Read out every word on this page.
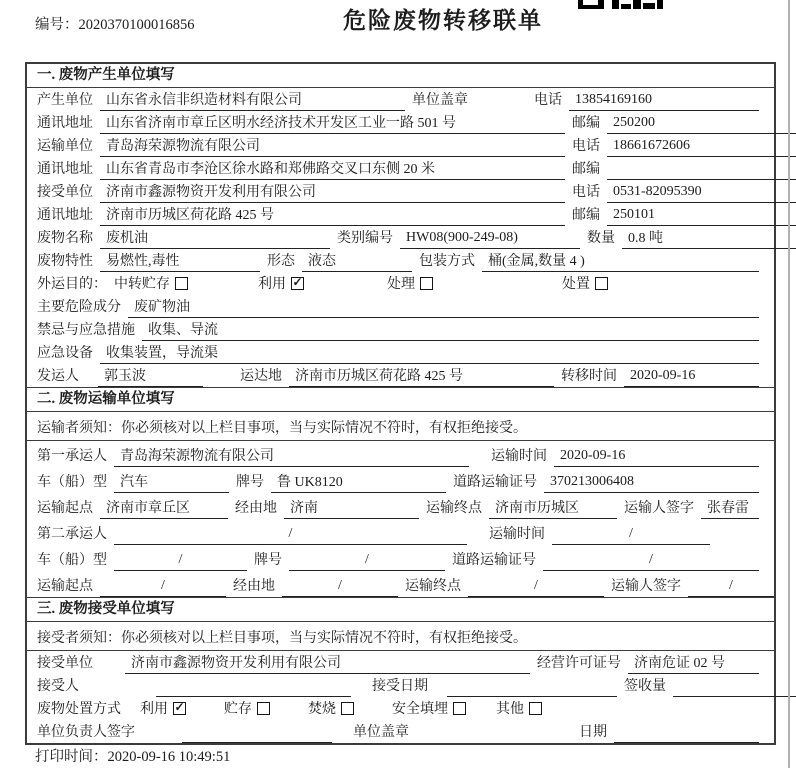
编号：2020370100016856	危险废物转移联单
一. 废物产生单位填写
产生单位 山东省永信非织造材料有限公司	单位盖章	电话 13854169160
通讯地址 山东省济南市章丘区明水经济技术开发区工业一路 501 号	邮编 250200
运输单位 青岛海荣源物流有限公司	电话 18661672606
通讯地址 山东省青岛市李沧区徐水路和郑佛路交叉口东侧 20 米	邮编
接受单位 济南市鑫源物资开发利用有限公司	电话 0531-82095390
通讯地址 济南市历城区荷花路 425 号	邮编 250101
废物名称 废机油	类别编号 HW08(900-249-08)	数量 0.8 吨
废物特性 易燃性,毒性	形态 液态	包装方式 桶(金属,数量 4 )
外运目的： 中转贮存	利用 ✓	处理	处置
主要危险成分 废矿物油
禁忌与应急措施 收集、导流
应急设备 收集装置，导流渠
发运人	郭玉波	运达地 济南市历城区荷花路 425 号	转移时间 2020-09-16
二. 废物运输单位填写
运输者须知：你必须核对以上栏目事项，当与实际情况不符时，有权拒绝接受。
第一承运人 青岛海荣源物流有限公司	运输时间 2020-09-16
车（船）型 汽车	牌号 鲁 UK8120	道路运输证号 370213006408
运输起点 济南市章丘区	经由地 济南	运输终点 济南市历城区	运输人签字 张春雷
第二承运人	/	运输时间	/
车（船）型	/	牌号	/	道路运输证号	/
运输起点	/	经由地	/	运输终点	/	运输人签字	/
三. 废物接受单位填写
接受者须知：你必须核对以上栏目事项，当与实际情况不符时，有权拒绝接受。
接受单位	济南市鑫源物资开发利用有限公司	经营许可证号 济南危证 02 号
接受人	接受日期	签收量
废物处置方式 利用 ✓	贮存	焚烧	安全填埋	其他
单位负责人签字	单位盖章	日期
打印时间：2020-09-16 10:49:51
